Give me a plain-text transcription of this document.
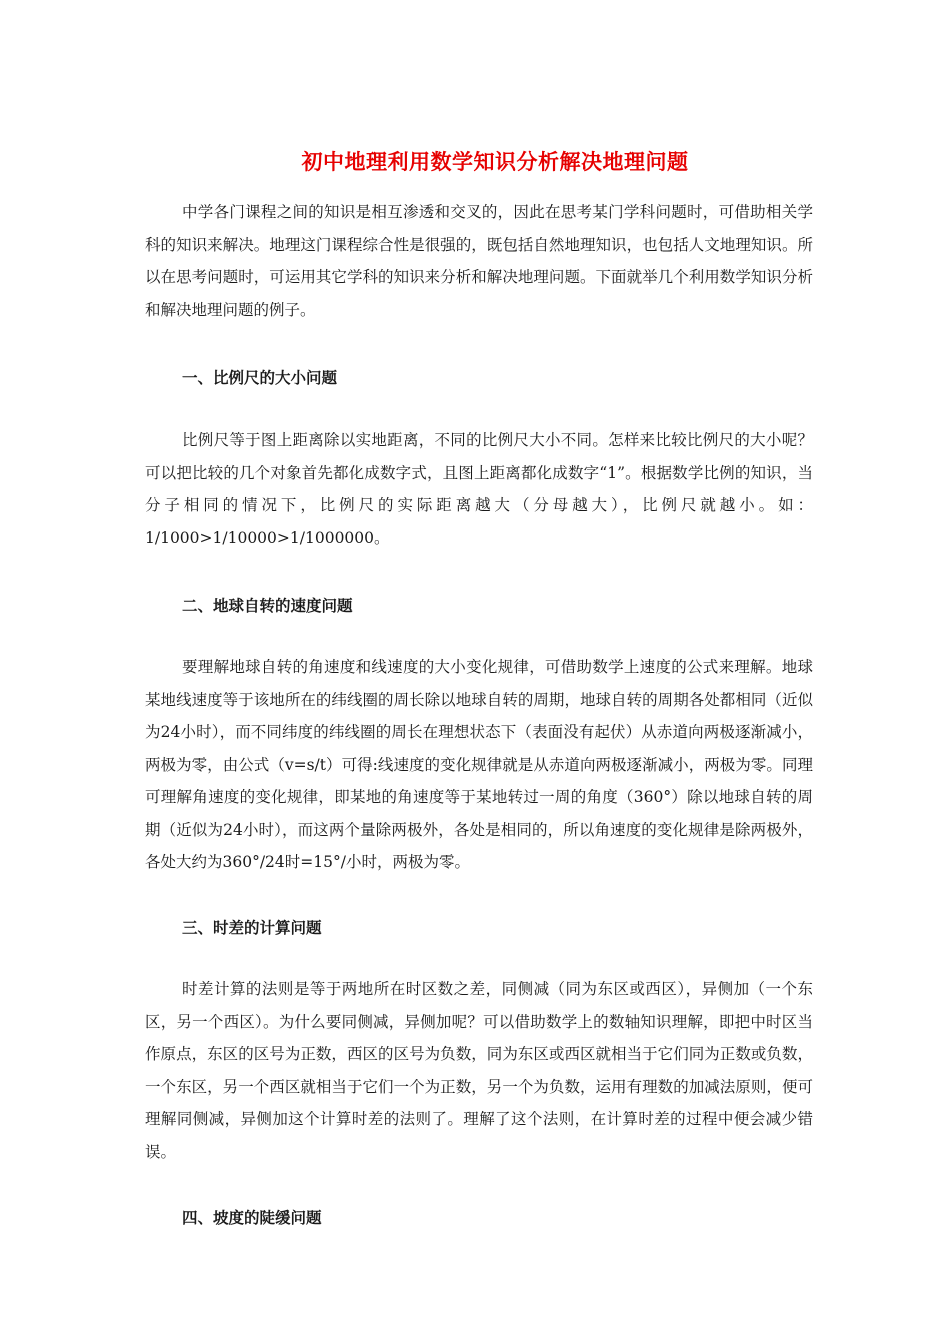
初中地理利用数学知识分析解决地理问题

中学各门课程之间的知识是相互渗透和交叉的，因此在思考某门学科问题时，可借助相关学科的知识来解决。地理这门课程综合性是很强的，既包括自然地理知识，也包括人文地理知识。所以在思考问题时，可运用其它学科的知识来分析和解决地理问题。下面就举几个利用数学知识分析和解决地理问题的例子。

一、比例尺的大小问题

比例尺等于图上距离除以实地距离，不同的比例尺大小不同。怎样来比较比例尺的大小呢？可以把比较的几个对象首先都化成数字式，且图上距离都化成数字“1”。根据数学比例的知识，当分子相同的情况下，比例尺的实际距离越大（分母越大），比例尺就越小。如：1/1000>1/10000>1/1000000。

二、地球自转的速度问题

要理解地球自转的角速度和线速度的大小变化规律，可借助数学上速度的公式来理解。地球某地线速度等于该地所在的纬线圈的周长除以地球自转的周期，地球自转的周期各处都相同（近似为24小时），而不同纬度的纬线圈的周长在理想状态下（表面没有起伏）从赤道向两极逐渐减小，两极为零，由公式（v=s/t）可得:线速度的变化规律就是从赤道向两极逐渐减小，两极为零。同理可理解角速度的变化规律，即某地的角速度等于某地转过一周的角度（360°）除以地球自转的周期（近似为24小时），而这两个量除两极外，各处是相同的，所以角速度的变化规律是除两极外，各处大约为360°/24时=15°/小时，两极为零。

三、时差的计算问题

时差计算的法则是等于两地所在时区数之差，同侧减（同为东区或西区），异侧加（一个东区，另一个西区）。为什么要同侧减，异侧加呢？可以借助数学上的数轴知识理解，即把中时区当作原点，东区的区号为正数，西区的区号为负数，同为东区或西区就相当于它们同为正数或负数，一个东区，另一个西区就相当于它们一个为正数，另一个为负数，运用有理数的加减法原则，便可理解同侧减，异侧加这个计算时差的法则了。理解了这个法则，在计算时差的过程中便会减少错误。

四、坡度的陡缓问题
